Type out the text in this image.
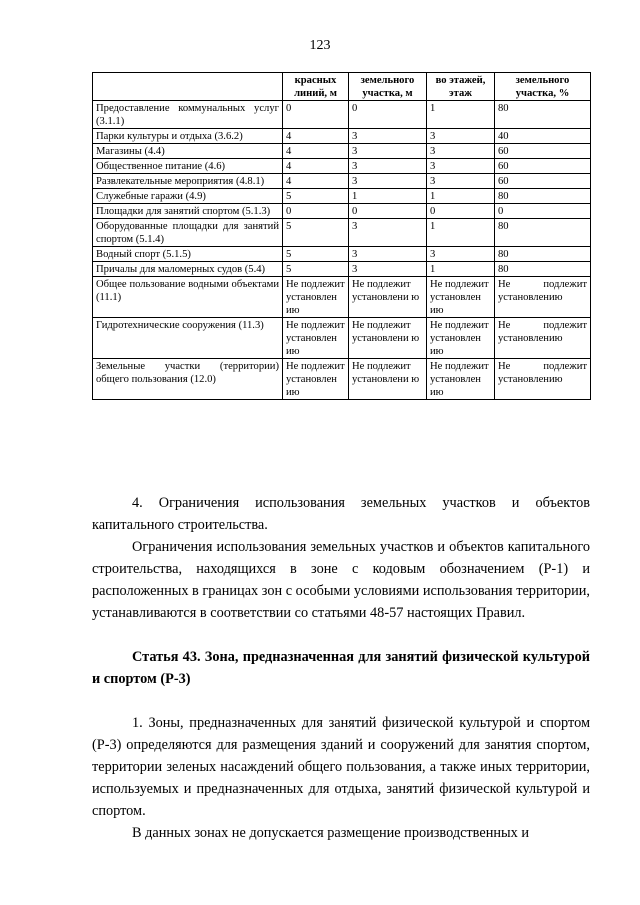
123
	красных линий, м	земельного участка, м	во этажей, этаж	земельного участка, %
Предоставление коммунальных услуг (3.1.1)	0	0	1	80
Парки культуры и отдыха (3.6.2)	4	3	3	40
Магазины (4.4)	4	3	3	60
Общественное питание (4.6)	4	3	3	60
Развлекательные мероприятия (4.8.1)	4	3	3	60
Служебные гаражи (4.9)	5	1	1	80
Площадки для занятий спортом (5.1.3)	0	0	0	0
Оборудованные площадки для занятий спортом (5.1.4)	5	3	1	80
Водный спорт (5.1.5)	5	3	3	80
Причалы для маломерных судов (5.4)	5	3	1	80
Общее пользование водными объектами (11.1)	Не подлежит установлен ию	Не подлежит установлени ю	Не подлежит установлен ию	Не подлежит установлению
Гидротехнические сооружения (11.3)	Не подлежит установлен ию	Не подлежит установлени ю	Не подлежит установлен ию	Не подлежит установлению
Земельные участки (территории) общего пользования (12.0)	Не подлежит установлен ию	Не подлежит установлени ю	Не подлежит установлен ию	Не подлежит установлению

4. Ограничения использования земельных участков и объектов капитального строительства.

Ограничения использования земельных участков и объектов капитального строительства, находящихся в зоне с кодовым обозначением (Р-1) и расположенных в границах зон с особыми условиями использования территории, устанавливаются в соответствии со статьями 48-57 настоящих Правил.

Статья 43. Зона, предназначенная для занятий физической культурой и спортом (Р-3)

1. Зоны, предназначенных для занятий физической культурой и спортом (Р-3) определяются для размещения зданий и сооружений для занятия спортом, территории зеленых насаждений общего пользования, а также иных территории, используемых и предназначенных для отдыха, занятий физической культурой и спортом.

В данных зонах не допускается размещение производственных и
